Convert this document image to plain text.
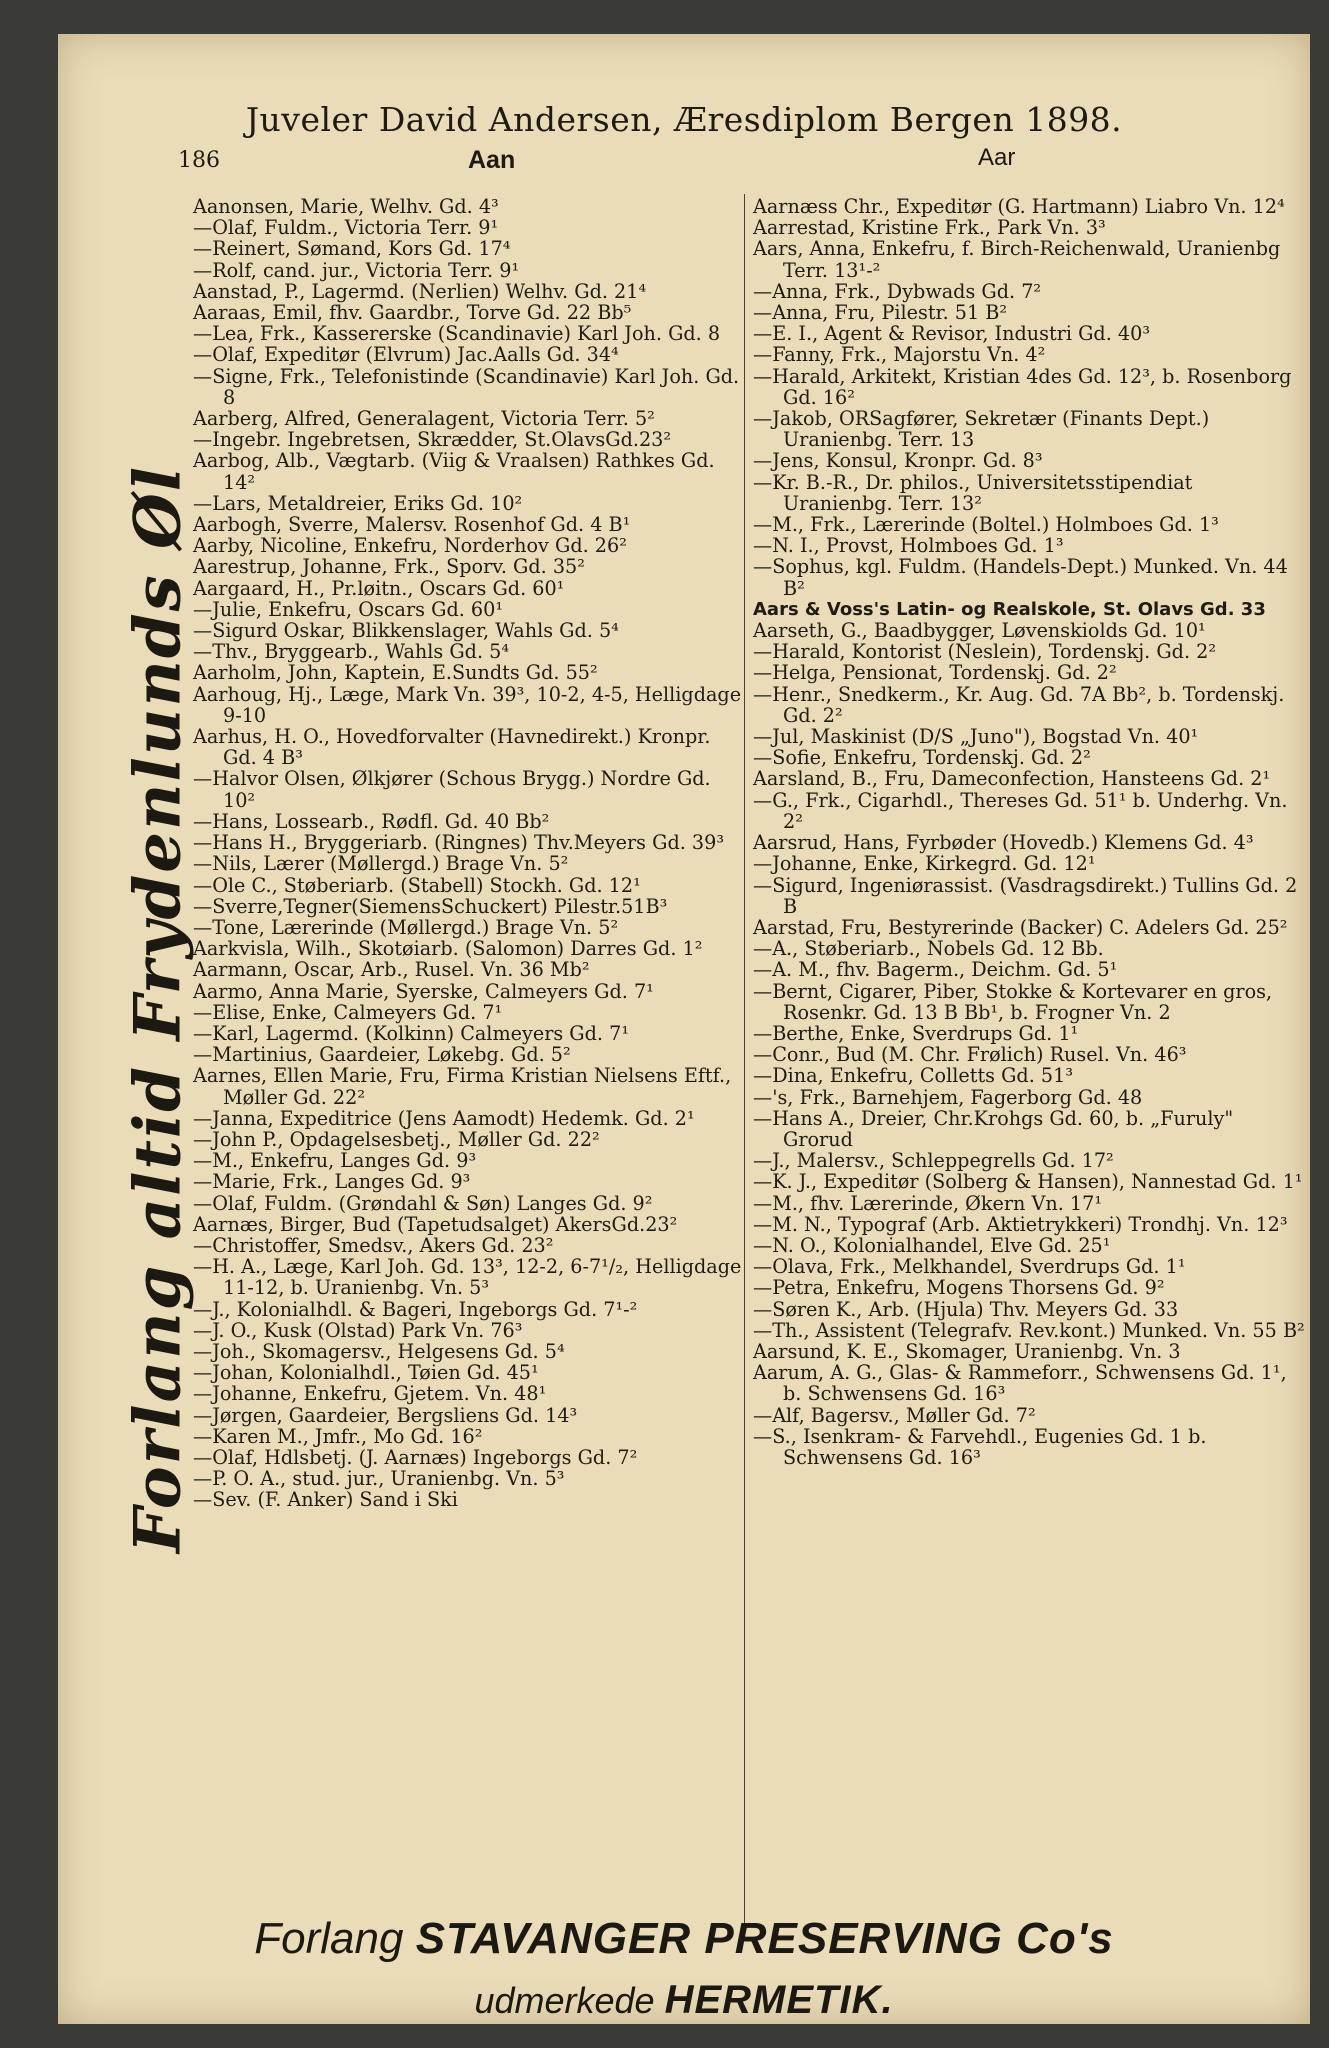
Juveler David Andersen, Æresdiplom Bergen 1898.
186	Aan	Aar
Forlang altid Frydenlunds Øl
Aanonsen, Marie, Welhv. Gd. 4³
—Olaf, Fuldm., Victoria Terr. 9¹
—Reinert, Sømand, Kors Gd. 17⁴
—Rolf, cand. jur., Victoria Terr. 9¹
Aanstad, P., Lagermd. (Nerlien) Welhv. Gd. 21⁴
Aaraas, Emil, fhv. Gaardbr., Torve Gd. 22 Bb⁵
—Lea, Frk., Kassererske (Scandinavie) Karl Joh. Gd. 8
—Olaf, Expeditør (Elvrum) Jac.Aalls Gd. 34⁴
—Signe, Frk., Telefonistinde (Scandinavie) Karl Joh. Gd. 8
Aarberg, Alfred, Generalagent, Victoria Terr. 5²
—Ingebr. Ingebretsen, Skrædder, St.OlavsGd.23²
Aarbog, Alb., Vægtarb. (Viig & Vraalsen) Rathkes Gd. 14²
—Lars, Metaldreier, Eriks Gd. 10²
Aarbogh, Sverre, Malersv. Rosenhof Gd. 4 B¹
Aarby, Nicoline, Enkefru, Norderhov Gd. 26²
Aarestrup, Johanne, Frk., Sporv. Gd. 35²
Aargaard, H., Pr.løitn., Oscars Gd. 60¹
—Julie, Enkefru, Oscars Gd. 60¹
—Sigurd Oskar, Blikkenslager, Wahls Gd. 5⁴
—Thv., Bryggearb., Wahls Gd. 5⁴
Aarholm, John, Kaptein, E.Sundts Gd. 55²
Aarhoug, Hj., Læge, Mark Vn. 39³, 10-2, 4-5, Helligdage 9-10
Aarhus, H. O., Hovedforvalter (Havnedirekt.) Kronpr. Gd. 4 B³
—Halvor Olsen, Ølkjører (Schous Brygg.) Nordre Gd. 10²
—Hans, Lossearb., Rødfl. Gd. 40 Bb²
—Hans H., Bryggeriarb. (Ringnes) Thv.Meyers Gd. 39³
—Nils, Lærer (Møllergd.) Brage Vn. 5²
—Ole C., Støberiarb. (Stabell) Stockh. Gd. 12¹
—Sverre,Tegner(SiemensSchuckert) Pilestr.51B³
—Tone, Lærerinde (Møllergd.) Brage Vn. 5²
Aarkvisla, Wilh., Skotøiarb. (Salomon) Darres Gd. 1²
Aarmann, Oscar, Arb., Rusel. Vn. 36 Mb²
Aarmo, Anna Marie, Syerske, Calmeyers Gd. 7¹
—Elise, Enke, Calmeyers Gd. 7¹
—Karl, Lagermd. (Kolkinn) Calmeyers Gd. 7¹
—Martinius, Gaardeier, Løkebg. Gd. 5²
Aarnes, Ellen Marie, Fru, Firma Kristian Nielsens Eftf., Møller Gd. 22²
—Janna, Expeditrice (Jens Aamodt) Hedemk. Gd. 2¹
—John P., Opdagelsesbetj., Møller Gd. 22²
—M., Enkefru, Langes Gd. 9³
—Marie, Frk., Langes Gd. 9³
—Olaf, Fuldm. (Grøndahl & Søn) Langes Gd. 9²
Aarnæs, Birger, Bud (Tapetudsalget) AkersGd.23²
—Christoffer, Smedsv., Akers Gd. 23²
—H. A., Læge, Karl Joh. Gd. 13³, 12-2, 6-7¹/₂, Helligdage 11-12, b. Uranienbg. Vn. 5³
—J., Kolonialhdl. & Bageri, Ingeborgs Gd. 7¹-²
—J. O., Kusk (Olstad) Park Vn. 76³
—Joh., Skomagersv., Helgesens Gd. 5⁴
—Johan, Kolonialhdl., Tøien Gd. 45¹
—Johanne, Enkefru, Gjetem. Vn. 48¹
—Jørgen, Gaardeier, Bergsliens Gd. 14³
—Karen M., Jmfr., Mo Gd. 16²
—Olaf, Hdlsbetj. (J. Aarnæs) Ingeborgs Gd. 7²
—P. O. A., stud. jur., Uranienbg. Vn. 5³
—Sev. (F. Anker) Sand i Ski
Aarnæss Chr., Expeditør (G. Hartmann) Liabro Vn. 12⁴
Aarrestad, Kristine Frk., Park Vn. 3³
Aars, Anna, Enkefru, f. Birch-Reichenwald, Uranienbg Terr. 13¹-²
—Anna, Frk., Dybwads Gd. 7²
—Anna, Fru, Pilestr. 51 B²
—E. I., Agent & Revisor, Industri Gd. 40³
—Fanny, Frk., Majorstu Vn. 4²
—Harald, Arkitekt, Kristian 4des Gd. 12³, b. Rosenborg Gd. 16²
—Jakob, ORSagfører, Sekretær (Finants Dept.) Uranienbg. Terr. 13
—Jens, Konsul, Kronpr. Gd. 8³
—Kr. B.-R., Dr. philos., Universitetsstipendiat Uranienbg. Terr. 13²
—M., Frk., Lærerinde (Boltel.) Holmboes Gd. 1³
—N. I., Provst, Holmboes Gd. 1³
—Sophus, kgl. Fuldm. (Handels-Dept.) Munked. Vn. 44 B²
Aars & Voss's Latin- og Realskole, St. Olavs Gd. 33
Aarseth, G., Baadbygger, Løvenskiolds Gd. 10¹
—Harald, Kontorist (Neslein), Tordenskj. Gd. 2²
—Helga, Pensionat, Tordenskj. Gd. 2²
—Henr., Snedkerm., Kr. Aug. Gd. 7A Bb², b. Tordenskj. Gd. 2²
—Jul, Maskinist (D/S „Juno"), Bogstad Vn. 40¹
—Sofie, Enkefru, Tordenskj. Gd. 2²
Aarsland, B., Fru, Dameconfection, Hansteens Gd. 2¹
—G., Frk., Cigarhdl., Thereses Gd. 51¹ b. Underhg. Vn. 2²
Aarsrud, Hans, Fyrbøder (Hovedb.) Klemens Gd. 4³
—Johanne, Enke, Kirkegrd. Gd. 12¹
—Sigurd, Ingeniørassist. (Vasdragsdirekt.) Tullins Gd. 2 B
Aarstad, Fru, Bestyrerinde (Backer) C. Adelers Gd. 25²
—A., Støberiarb., Nobels Gd. 12 Bb.
—A. M., fhv. Bagerm., Deichm. Gd. 5¹
—Bernt, Cigarer, Piber, Stokke & Kortevarer en gros, Rosenkr. Gd. 13 B Bb¹, b. Frogner Vn. 2
—Berthe, Enke, Sverdrups Gd. 1¹
—Conr., Bud (M. Chr. Frølich) Rusel. Vn. 46³
—Dina, Enkefru, Colletts Gd. 51³
—'s, Frk., Barnehjem, Fagerborg Gd. 48
—Hans A., Dreier, Chr.Krohgs Gd. 60, b. „Furuly" Grorud
—J., Malersv., Schleppegrells Gd. 17²
—K. J., Expeditør (Solberg & Hansen), Nannestad Gd. 1¹
—M., fhv. Lærerinde, Økern Vn. 17¹
—M. N., Typograf (Arb. Aktietrykkeri) Trondhj. Vn. 12³
—N. O., Kolonialhandel, Elve Gd. 25¹
—Olava, Frk., Melkhandel, Sverdrups Gd. 1¹
—Petra, Enkefru, Mogens Thorsens Gd. 9²
—Søren K., Arb. (Hjula) Thv. Meyers Gd. 33
—Th., Assistent (Telegrafv. Rev.kont.) Munked. Vn. 55 B²
Aarsund, K. E., Skomager, Uranienbg. Vn. 3
Aarum, A. G., Glas- & Rammeforr., Schwensens Gd. 1¹, b. Schwensens Gd. 16³
—Alf, Bagersv., Møller Gd. 7²
—S., Isenkram- & Farvehdl., Eugenies Gd. 1 b. Schwensens Gd. 16³
Forlang STAVANGER PRESERVING Co's
udmerkede HERMETIK.
